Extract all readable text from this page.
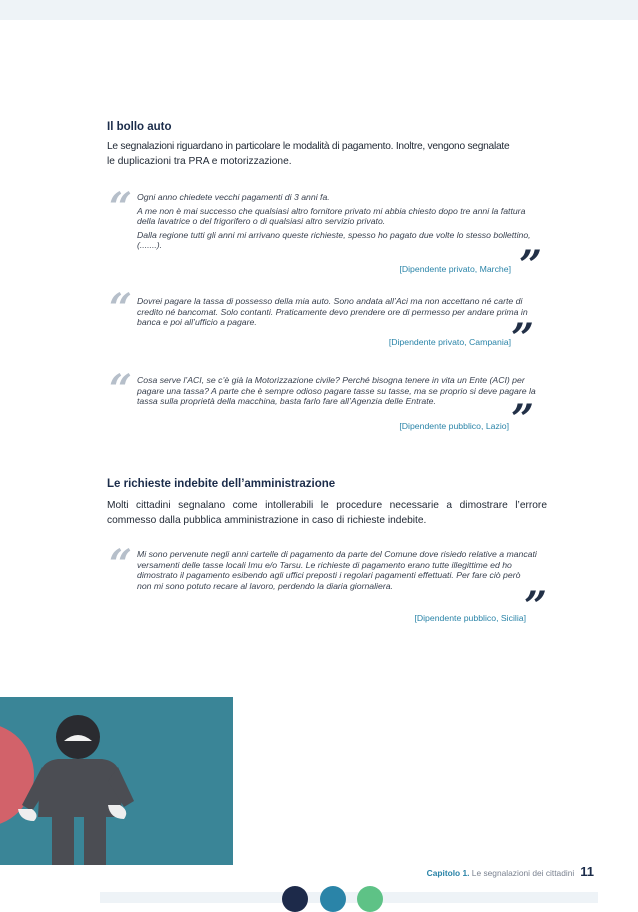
Il bollo auto
Le segnalazioni riguardano in particolare le modalità di pagamento. Inoltre, vengono segnalate
le duplicazioni tra PRA e motorizzazione.
“ Ogni anno chiedete vecchi pagamenti di 3 anni fa.

A me non è mai successo che qualsiasi altro fornitore privato mi abbia chiesto dopo tre anni la fattura della lavatrice o del frigorifero o di qualsiasi altro servizio privato.

Dalla regione tutti gli anni mi arrivano queste richieste, spesso ho pagato due volte lo stesso bollettino, (.......).

[Dipendente privato, Marche] ”
“ Dovrei pagare la tassa di possesso della mia auto. Sono andata all’Aci ma non accettano né carte di credito né bancomat. Solo contanti. Praticamente devo prendere ore di permesso per andare prima in banca e poi all’ufficio a pagare.

[Dipendente privato, Campania] ”
“ Cosa serve l’ACI, se c’è già la Motorizzazione civile? Perché bisogna tenere in vita un Ente (ACI) per pagare una tassa? A parte che è sempre odioso pagare tasse su tasse, ma se proprio si deve pagare la tassa sulla proprietà della macchina, basta farlo fare all’Agenzia delle Entrate.

[Dipendente pubblico, Lazio] ”
Le richieste indebite dell’amministrazione
Molti cittadini segnalano come intollerabili le procedure necessarie a dimostrare l’errore
commesso dalla pubblica amministrazione in caso di richieste indebite.
“ Mi sono pervenute negli anni cartelle di pagamento da parte del Comune dove risiedo relative a mancati versamenti delle tasse locali Imu e/o Tarsu. Le richieste di pagamento erano tutte illegittime ed ho dimostrato il pagamento esibendo agli uffici preposti i regolari pagamenti effettuati. Per fare ciò però non mi sono potuto recare al lavoro, perdendo la diaria giornaliera.

[Dipendente pubblico, Sicilia]
”
Capitolo 1. Le segnalazioni dei cittadini 11
